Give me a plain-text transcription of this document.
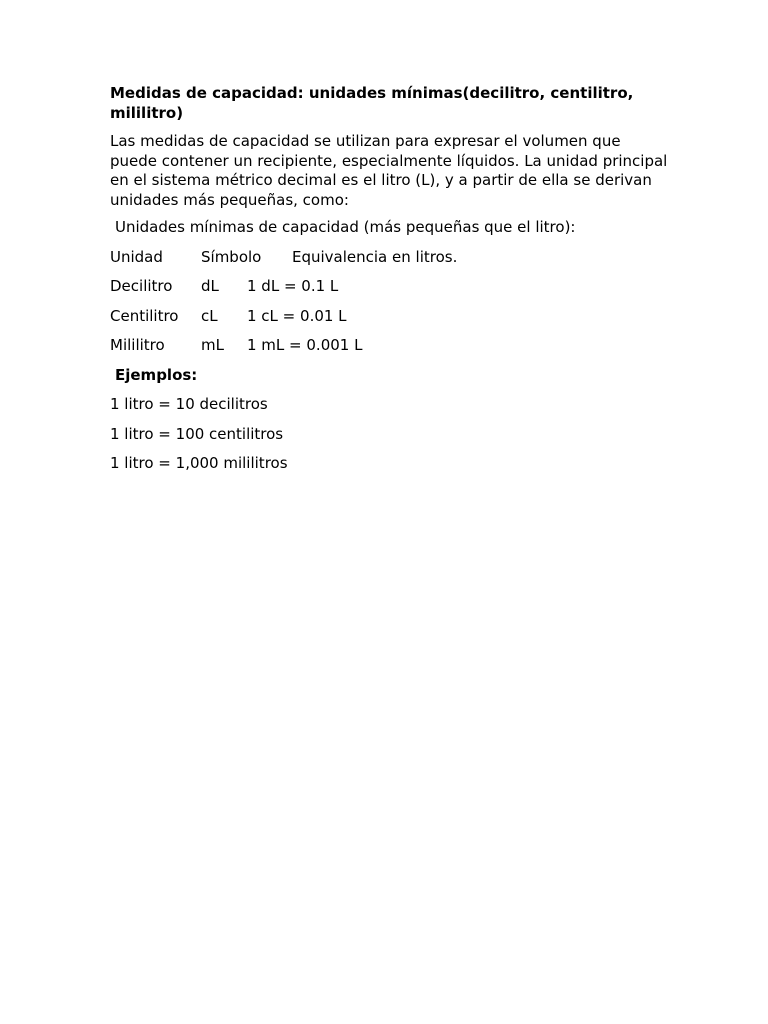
Medidas de capacidad: unidades mínimas(decilitro, centilitro, mililitro)
Las medidas de capacidad se utilizan para expresar el volumen que puede contener un recipiente, especialmente líquidos. La unidad principal en el sistema métrico decimal es el litro (L), y a partir de ella se derivan unidades más pequeñas, como:
Unidades mínimas de capacidad (más pequeñas que el litro):
Unidad	Símbolo	Equivalencia en litros.
Decilitro	dL	1 dL = 0.1 L
Centilitro	cL	1 cL = 0.01 L
Mililitro	mL	1 mL = 0.001 L
Ejemplos:
1 litro = 10 decilitros
1 litro = 100 centilitros
1 litro = 1,000 mililitros
